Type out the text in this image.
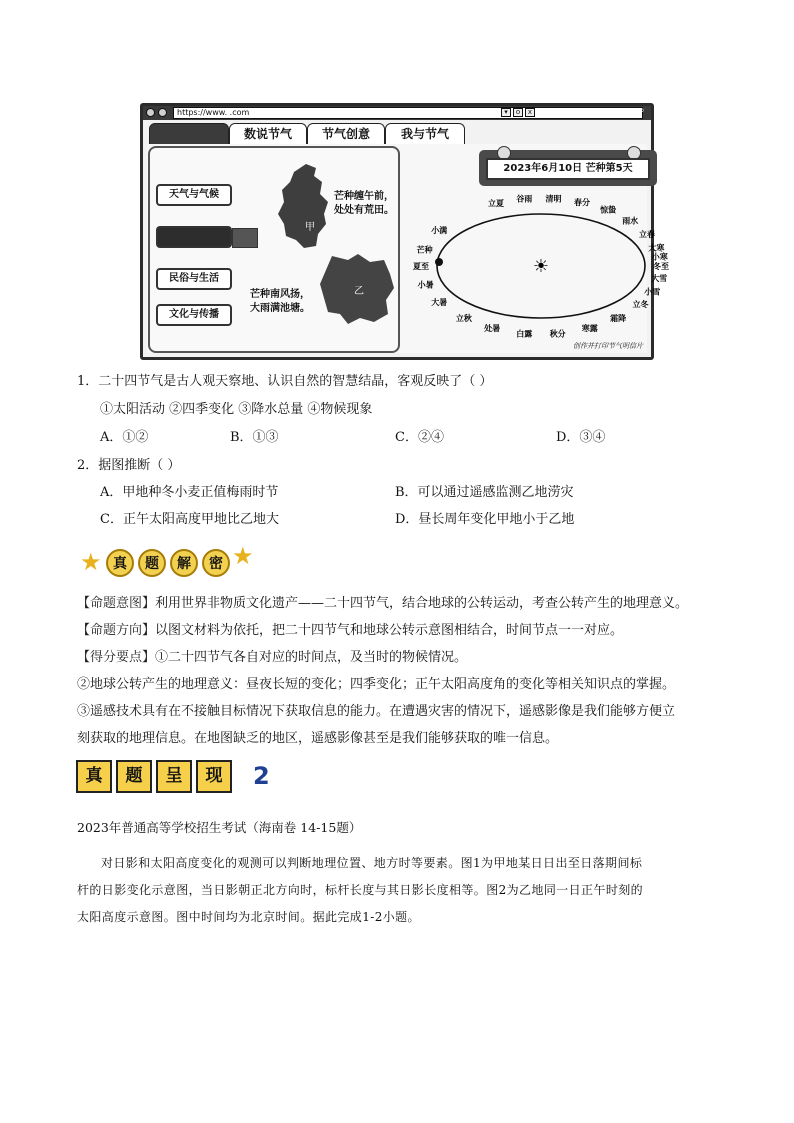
https://www. .com	▾	o	x	▾ ⌕
数说节气	节气创意	我与节气
天气与气候
民俗与生活
文化与传播
甲
芒种缠午前，
处处有荒田。
乙
芒种南风扬，
大雨满池塘。
2023年6月10日 芒种第5天
☀
立夏 谷雨 清明 春分
惊蛰
雨水
立春
大寒
小寒
冬至
大雪
小雪
立冬
霜降
寒露
秋分
白露
处暑
立秋
大暑
小暑
夏至
芒种
小满
创作并打印节气明信片
1．二十四节气是古人观天察地、认识自然的智慧结晶，客观反映了（ ）
①太阳活动 ②四季变化 ③降水总量 ④物候现象
A．①②	B．①③	C．②④	D．③④
2．据图推断（ ）
A．甲地种冬小麦正值梅雨时节	B．可以通过遥感监测乙地涝灾
C．正午太阳高度甲地比乙地大	D．昼长周年变化甲地小于乙地
★ 真	题	解	密 ★
【命题意图】利用世界非物质文化遗产——二十四节气，结合地球的公转运动，考查公转产生的地理意义。
【命题方向】以图文材料为依托，把二十四节气和地球公转示意图相结合，时间节点一一对应。
【得分要点】①二十四节气各自对应的时间点，及当时的物候情况。
②地球公转产生的地理意义：昼夜长短的变化；四季变化；正午太阳高度角的变化等相关知识点的掌握。
③遥感技术具有在不接触目标情况下获取信息的能力。在遭遇灾害的情况下，遥感影像是我们能够方便立
刻获取的地理信息。在地图缺乏的地区，遥感影像甚至是我们能够获取的唯一信息。
真	题	呈	现	2
2023年普通高等学校招生考试（海南卷 14-15题）
对日影和太阳高度变化的观测可以判断地理位置、地方时等要素。图1为甲地某日日出至日落期间标
杆的日影变化示意图，当日影朝正北方向时，标杆长度与其日影长度相等。图2为乙地同一日正午时刻的
太阳高度示意图。图中时间均为北京时间。据此完成1-2小题。
